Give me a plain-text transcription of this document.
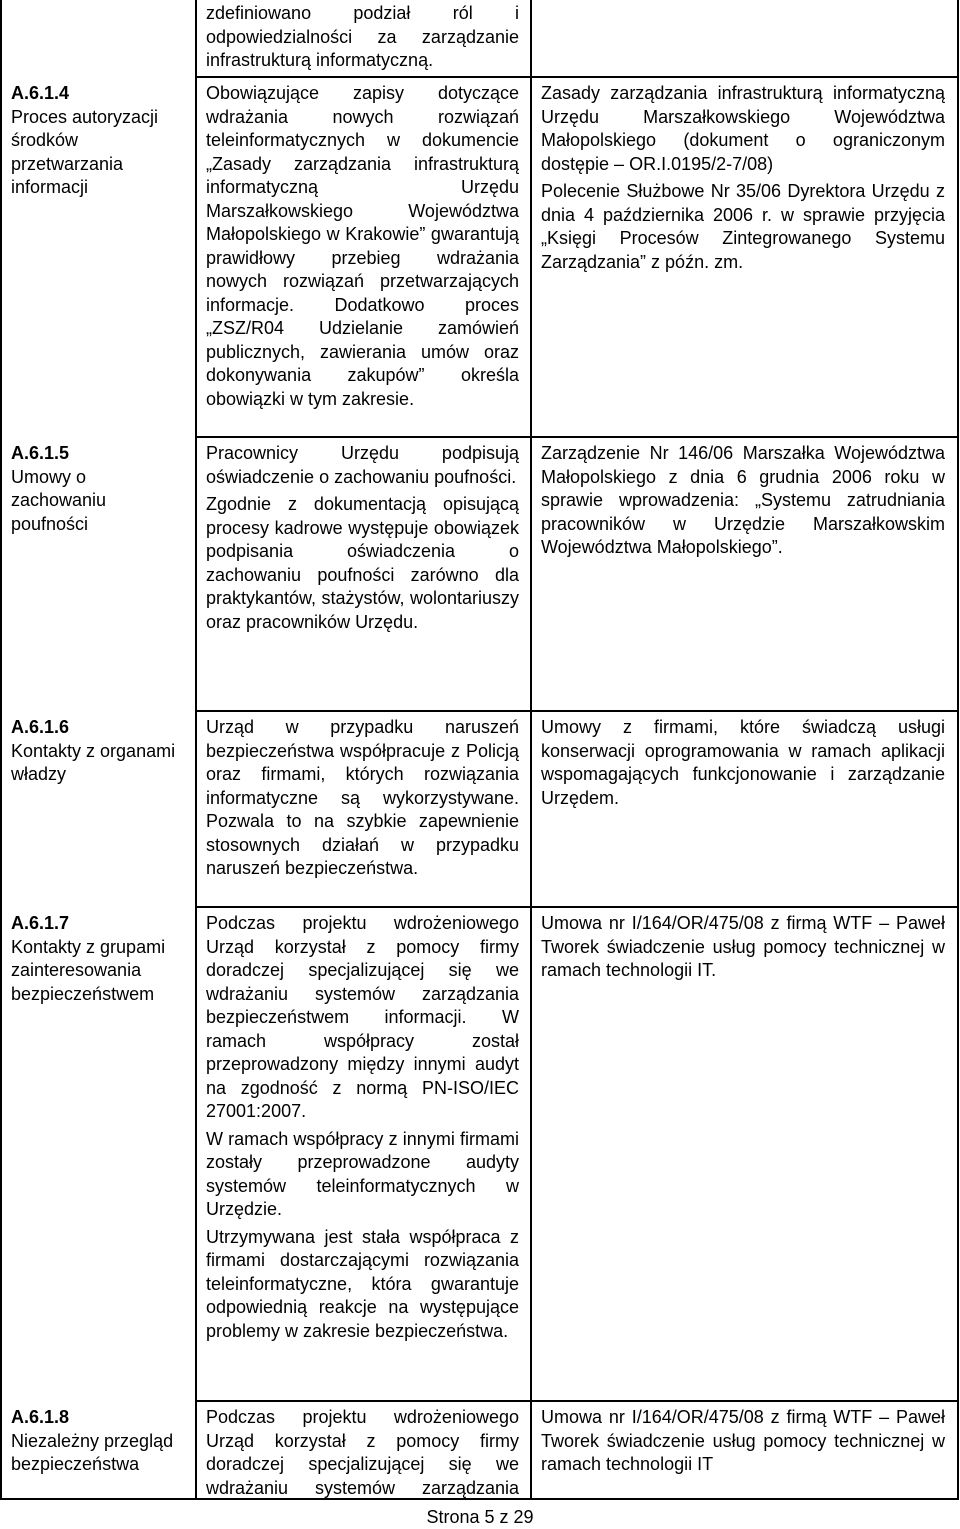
zdefiniowano podział ról i odpowiedzialności za zarządzanie infrastrukturą informatyczną.

A.6.1.4
Proces autoryzacji środków przetwarzania informacji

Obowiązujące zapisy dotyczące wdrażania nowych rozwiązań teleinformatycznych w dokumencie „Zasady zarządzania infrastrukturą informatyczną Urzędu Marszałkowskiego Województwa Małopolskiego w Krakowie” gwarantują prawidłowy przebieg wdrażania nowych rozwiązań przetwarzających informacje. Dodatkowo proces „ZSZ/R04 Udzielanie zamówień publicznych, zawierania umów oraz dokonywania zakupów” określa obowiązki w tym zakresie.

Zasady zarządzania infrastrukturą informatyczną Urzędu Marszałkowskiego Województwa Małopolskiego (dokument o ograniczonym dostępie – OR.I.0195/2-7/08)

Polecenie Służbowe Nr 35/06 Dyrektora Urzędu z dnia 4 października 2006 r. w sprawie przyjęcia „Księgi Procesów Zintegrowanego Systemu Zarządzania” z późn. zm.

A.6.1.5
Umowy o zachowaniu poufności

Pracownicy Urzędu podpisują oświadczenie o zachowaniu poufności.

Zgodnie z dokumentacją opisującą procesy kadrowe występuje obowiązek podpisania oświadczenia o zachowaniu poufności zarówno dla praktykantów, stażystów, wolontariuszy oraz pracowników Urzędu.

Zarządzenie Nr 146/06 Marszałka Województwa Małopolskiego z dnia 6 grudnia 2006 roku w sprawie wprowadzenia: „Systemu zatrudniania pracowników w Urzędzie Marszałkowskim Województwa Małopolskiego”.

A.6.1.6
Kontakty z organami władzy

Urząd w przypadku naruszeń bezpieczeństwa współpracuje z Policją oraz firmami, których rozwiązania informatyczne są wykorzystywane. Pozwala to na szybkie zapewnienie stosownych działań w przypadku naruszeń bezpieczeństwa.

Umowy z firmami, które świadczą usługi konserwacji oprogramowania w ramach aplikacji wspomagających funkcjonowanie i zarządzanie Urzędem.

A.6.1.7
Kontakty z grupami zainteresowania bezpieczeństwem

Podczas projektu wdrożeniowego Urząd korzystał z pomocy firmy doradczej specjalizującej się we wdrażaniu systemów zarządzania bezpieczeństwem informacji. W ramach współpracy został przeprowadzony między innymi audyt na zgodność z normą PN-ISO/IEC 27001:2007.

W ramach współpracy z innymi firmami zostały przeprowadzone audyty systemów teleinformatycznych w Urzędzie.

Utrzymywana jest stała współpraca z firmami dostarczającymi rozwiązania teleinformatyczne, która gwarantuje odpowiednią reakcje na występujące problemy w zakresie bezpieczeństwa.

Umowa nr I/164/OR/475/08 z firmą WTF – Paweł Tworek świadczenie usług pomocy technicznej w ramach technologii IT.

A.6.1.8
Niezależny przegląd bezpieczeństwa

Podczas projektu wdrożeniowego Urząd korzystał z pomocy firmy doradczej specjalizującej się we wdrażaniu systemów zarządzania

Umowa nr I/164/OR/475/08 z firmą WTF – Paweł Tworek świadczenie usług pomocy technicznej w ramach technologii IT

Strona 5 z 29
